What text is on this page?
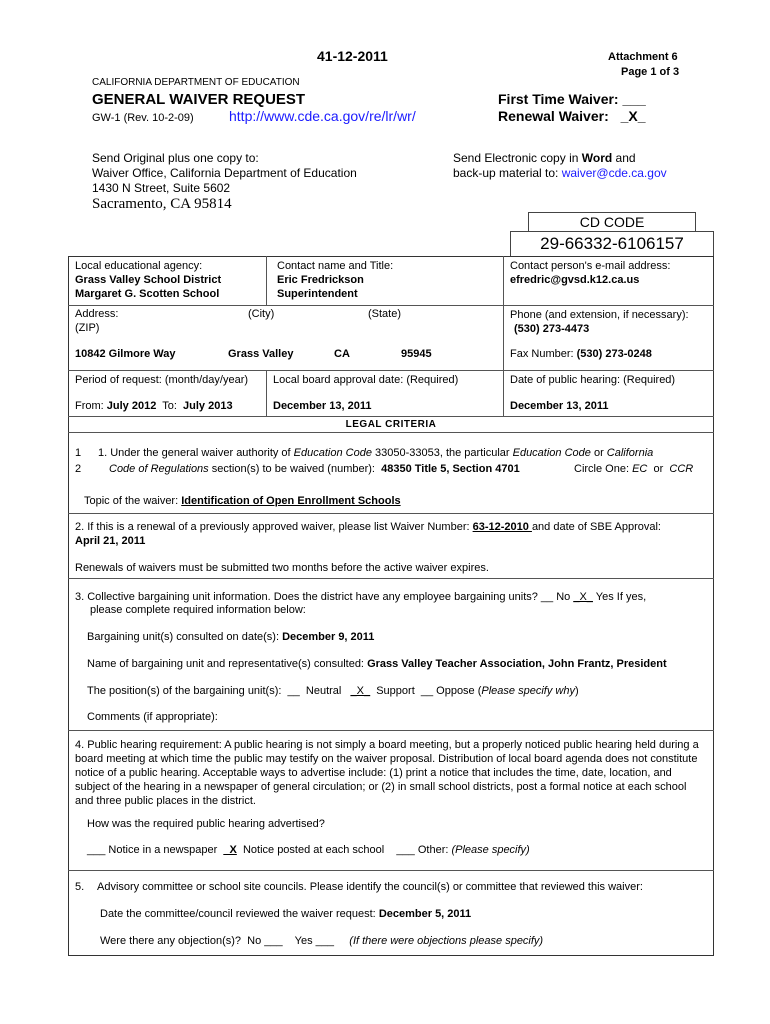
41-12-2011	Attachment 6
Page 1 of 3
CALIFORNIA DEPARTMENT OF EDUCATION
GENERAL WAIVER REQUEST
GW-1 (Rev. 10-2-09)	http://www.cde.ca.gov/re/lr/wr/
First Time Waiver: ___
Renewal Waiver: _X_
Send Original plus one copy to:
Waiver Office, California Department of Education
1430 N Street, Suite 5602
Sacramento, CA 95814
Send Electronic copy in Word and
back-up material to: waiver@cde.ca.gov
CD CODE
29-66332-6106157
Local educational agency:
Grass Valley School District
Margaret G. Scotten School
Contact name and Title:
Eric Fredrickson
Superintendent
Contact person's e-mail address:
efredric@gvsd.k12.ca.us
Address:	(City)	(State)
(ZIP)
10842 Gilmore Way	Grass Valley	CA	95945
Phone (and extension, if necessary):
(530) 273-4473
Fax Number: (530) 273-0248
Period of request: (month/day/year)
From: July 2012  To:  July 2013
Local board approval date: (Required)
December 13, 2011
Date of public hearing: (Required)
December 13, 2011
LEGAL CRITERIA
1
2
1. Under the general waiver authority of Education Code 33050-33053, the particular Education Code or California
Code of Regulations section(s) to be waived (number):  48350 Title 5, Section 4701	Circle One: EC  or  CCR
Topic of the waiver: Identification of Open Enrollment Schools
2. If this is a renewal of a previously approved waiver, please list Waiver Number: 63-12-2010 and date of SBE Approval:
April 21, 2011
Renewals of waivers must be submitted two months before the active waiver expires.
3. Collective bargaining unit information. Does the district have any employee bargaining units? __ No _X_ Yes If yes,
please complete required information below:
Bargaining unit(s) consulted on date(s): December 9, 2011
Name of bargaining unit and representative(s) consulted: Grass Valley Teacher Association, John Frantz, President
The position(s) of the bargaining unit(s):  __  Neutral   _X_  Support  __ Oppose (Please specify why)
Comments (if appropriate):
4. Public hearing requirement: A public hearing is not simply a board meeting, but a properly noticed public hearing held during a board meeting at which time the public may testify on the waiver proposal. Distribution of local board agenda does not constitute notice of a public hearing. Acceptable ways to advertise include: (1) print a notice that includes the time, date, location, and subject of the hearing in a newspaper of general circulation; or (2) in small school districts, post a formal notice at each school and three public places in the district.
How was the required public hearing advertised?
___ Notice in a newspaper  _X  Notice posted at each school    ___ Other: (Please specify)
5. Advisory committee or school site councils. Please identify the council(s) or committee that reviewed this waiver:
Date the committee/council reviewed the waiver request: December 5, 2011
Were there any objection(s)?  No ___    Yes ___     (If there were objections please specify)
